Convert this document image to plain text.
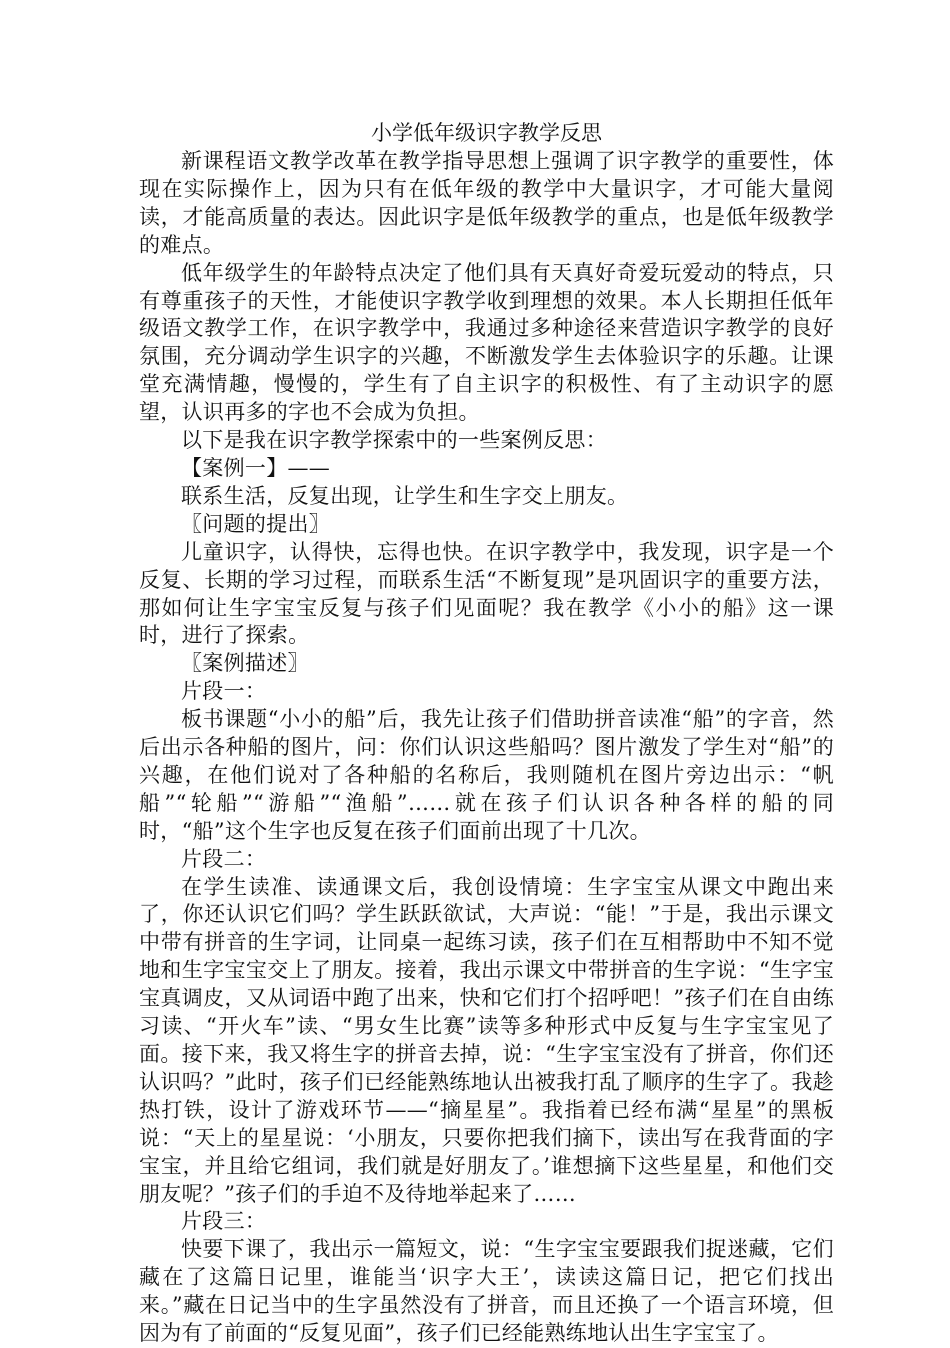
小学低年级识字教学反思

新课程语文教学改革在教学指导思想上强调了识字教学的重要性，体现在实际操作上，因为只有在低年级的教学中大量识字，才可能大量阅读，才能高质量的表达。因此识字是低年级教学的重点，也是低年级教学的难点。

低年级学生的年龄特点决定了他们具有天真好奇爱玩爱动的特点，只有尊重孩子的天性，才能使识字教学收到理想的效果。本人长期担任低年级语文教学工作，在识字教学中，我通过多种途径来营造识字教学的良好氛围，充分调动学生识字的兴趣，不断激发学生去体验识字的乐趣。让课堂充满情趣，慢慢的，学生有了自主识字的积极性、有了主动识字的愿望，认识再多的字也不会成为负担。

以下是我在识字教学探索中的一些案例反思：

【案例一】——

联系生活，反复出现，让学生和生字交上朋友。

〖问题的提出〗

儿童识字，认得快，忘得也快。在识字教学中，我发现，识字是一个反复、长期的学习过程，而联系生活“不断复现”是巩固识字的重要方法，那如何让生字宝宝反复与孩子们见面呢？我在教学《小小的船》这一课时，进行了探索。

〖案例描述〗

片段一：

板书课题“小小的船”后，我先让孩子们借助拼音读准“船”的字音，然后出示各种船的图片，问：你们认识这些船吗？图片激发了学生对“船”的兴趣，在他们说对了各种船的名称后，我则随机在图片旁边出示：“帆船”“轮船”“游船”“渔船”……就在孩子们认识各种各样的船的同时，“船”这个生字也反复在孩子们面前出现了十几次。

片段二：

在学生读准、读通课文后，我创设情境：生字宝宝从课文中跑出来了，你还认识它们吗？学生跃跃欲试，大声说：“能！”于是，我出示课文中带有拼音的生字词，让同桌一起练习读，孩子们在互相帮助中不知不觉地和生字宝宝交上了朋友。接着，我出示课文中带拼音的生字说：“生字宝宝真调皮，又从词语中跑了出来，快和它们打个招呼吧！”孩子们在自由练习读、“开火车”读、“男女生比赛”读等多种形式中反复与生字宝宝见了面。接下来，我又将生字的拼音去掉，说：“生字宝宝没有了拼音，你们还认识吗？”此时，孩子们已经能熟练地认出被我打乱了顺序的生字了。我趁热打铁，设计了游戏环节——“摘星星”。我指着已经布满“星星”的黑板说：“天上的星星说：‘小朋友，只要你把我们摘下，读出写在我背面的字宝宝，并且给它组词，我们就是好朋友了。’谁想摘下这些星星，和他们交朋友呢？”孩子们的手迫不及待地举起来了……

片段三：

快要下课了，我出示一篇短文，说：“生字宝宝要跟我们捉迷藏，它们藏在了这篇日记里，谁能当‘识字大王’，读读这篇日记，把它们找出来。”藏在日记当中的生字虽然没有了拼音，而且还换了一个语言环境，但因为有了前面的“反复见面”，孩子们已经能熟练地认出生字宝宝了。
